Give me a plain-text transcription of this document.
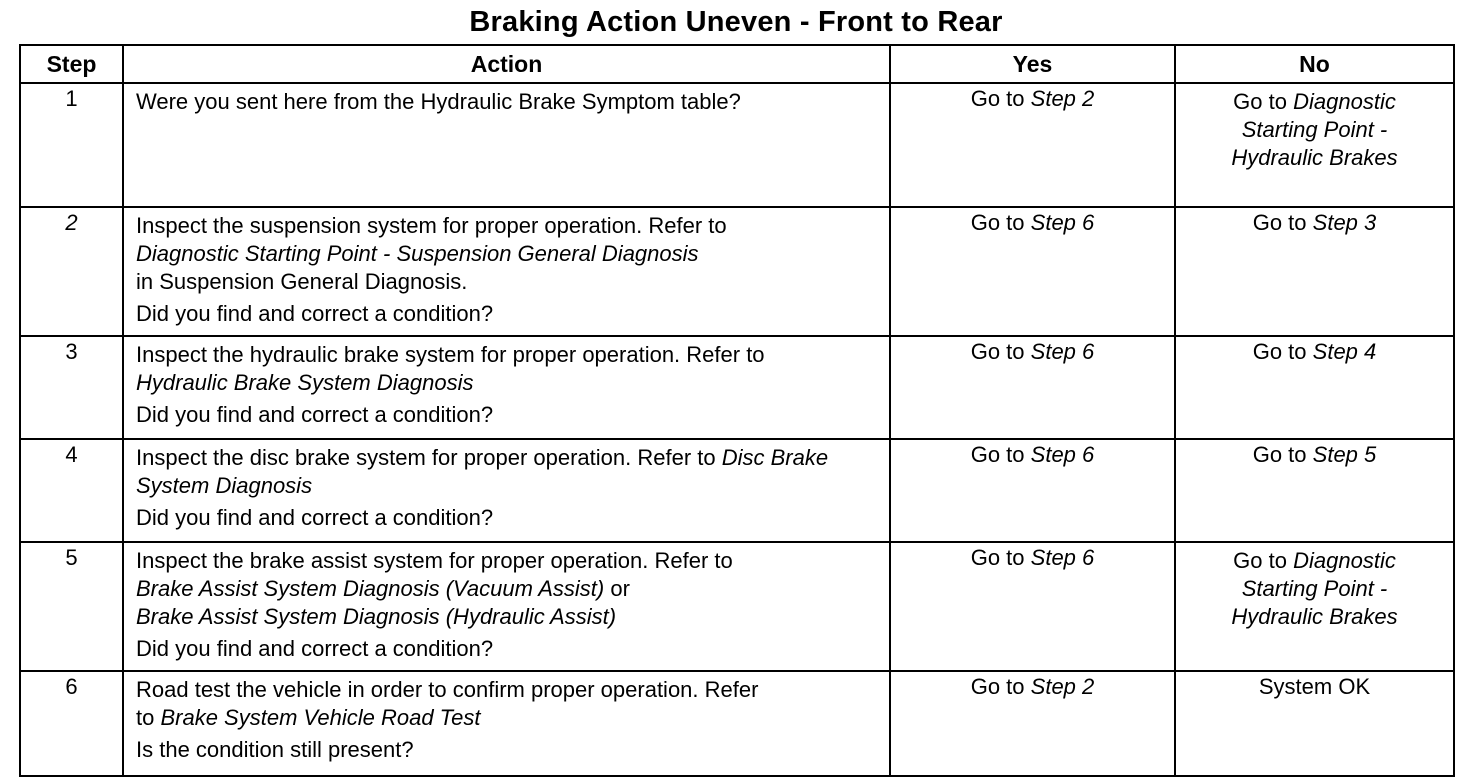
Braking Action Uneven - Front to Rear
Step	Action	Yes	No
1	Were you sent here from the Hydraulic Brake Symptom table?	Go to Step 2	Go to Diagnostic Starting Point - Hydraulic Brakes
2	Inspect the suspension system for proper operation. Refer to
Diagnostic Starting Point - Suspension General Diagnosis
in Suspension General Diagnosis.
Did you find and correct a condition?	Go to Step 6	Go to Step 3
3	Inspect the hydraulic brake system for proper operation. Refer to
Hydraulic Brake System Diagnosis
Did you find and correct a condition?	Go to Step 6	Go to Step 4
4	Inspect the disc brake system for proper operation. Refer to Disc Brake System Diagnosis
Did you find and correct a condition?	Go to Step 6	Go to Step 5
5	Inspect the brake assist system for proper operation. Refer to
Brake Assist System Diagnosis (Vacuum Assist) or
Brake Assist System Diagnosis (Hydraulic Assist)
Did you find and correct a condition?	Go to Step 6	Go to Diagnostic Starting Point - Hydraulic Brakes
6	Road test the vehicle in order to confirm proper operation. Refer
to Brake System Vehicle Road Test
Is the condition still present?	Go to Step 2	System OK
